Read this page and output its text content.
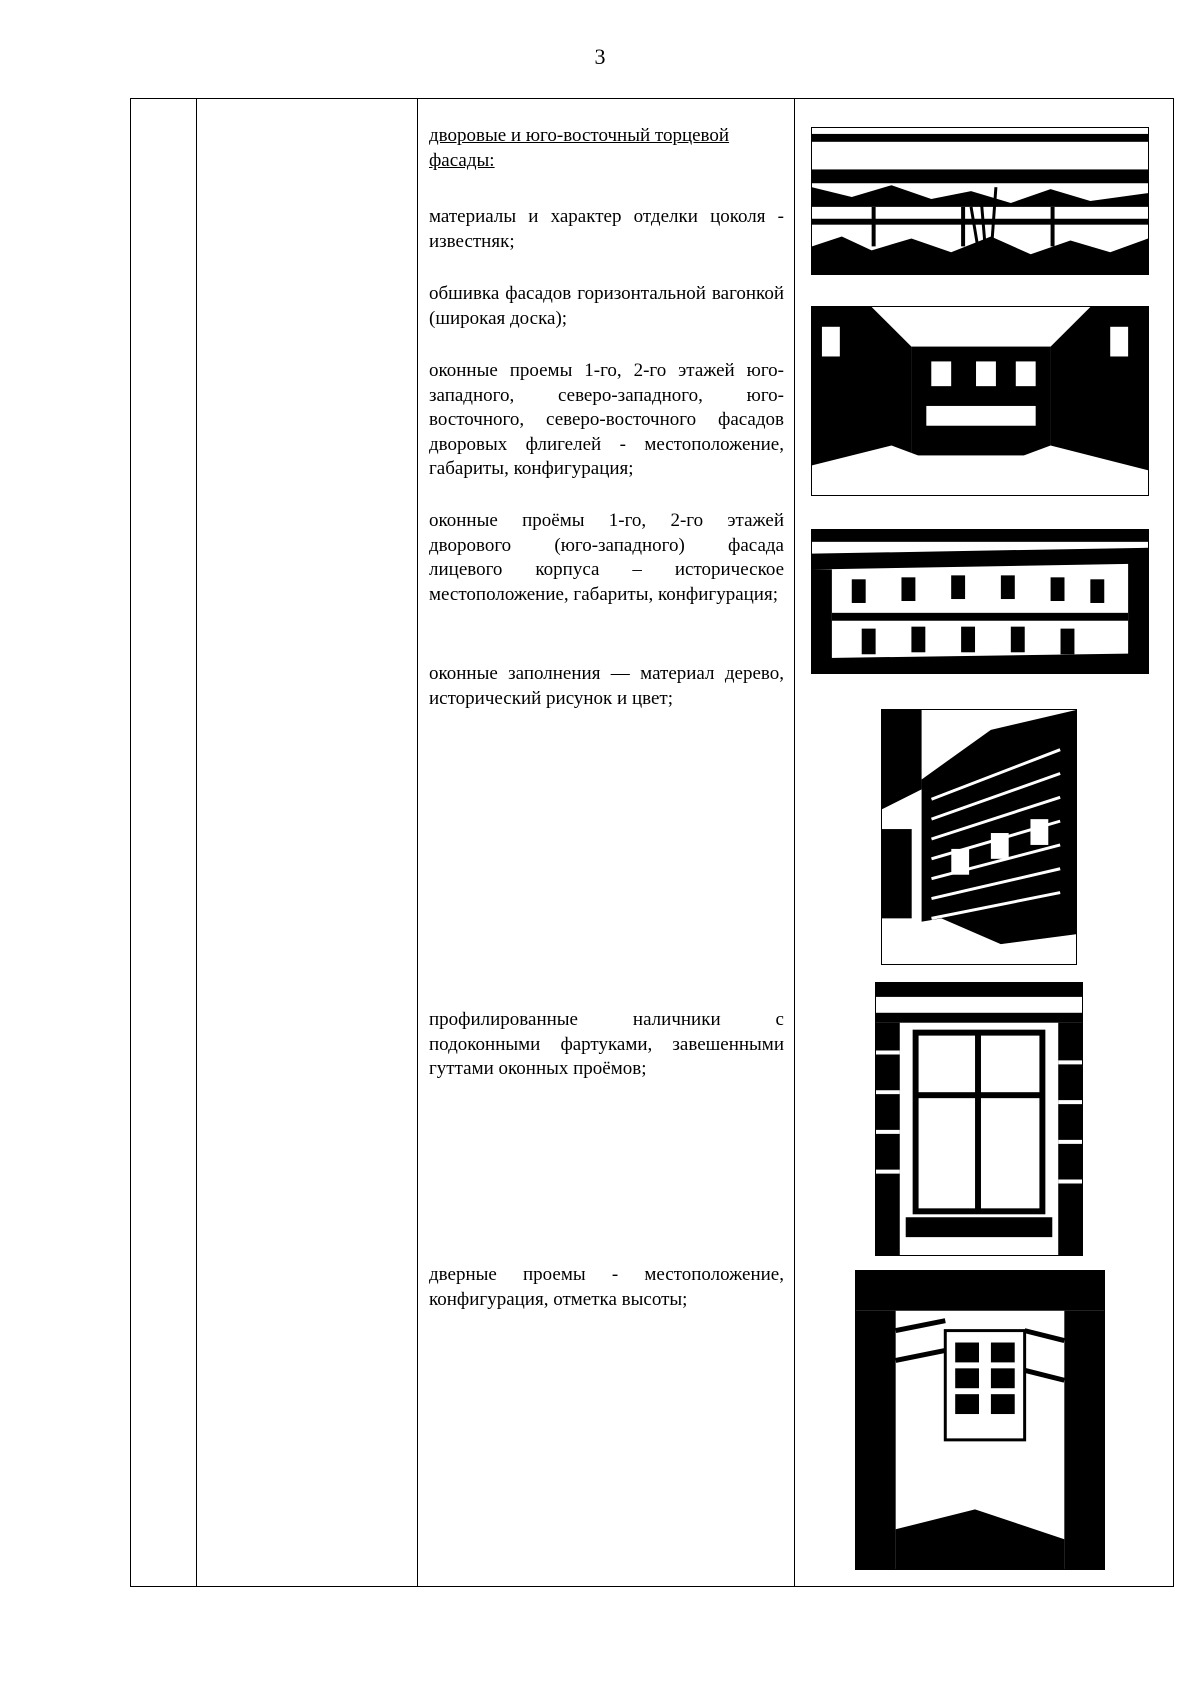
3
дворовые и юго-восточный торцевой фасады:
материалы и характер отделки цоколя - известняк;
обшивка фасадов горизонтальной вагонкой (широкая доска);
оконные проемы 1-го, 2-го этажей юго-западного, северо-западного, юго-восточного, северо-восточного фасадов дворовых флигелей - местоположение, габариты, конфигурация;
оконные проёмы 1-го, 2-го этажей дворового (юго-западного) фасада лицевого корпуса – историческое местоположение, габариты, конфигурация;
оконные заполнения — материал дерево, исторический рисунок и цвет;
профилированные наличники с подоконными фартуками, завешенными гуттами оконных проёмов;
дверные проемы - местоположение, конфигурация, отметка высоты;
